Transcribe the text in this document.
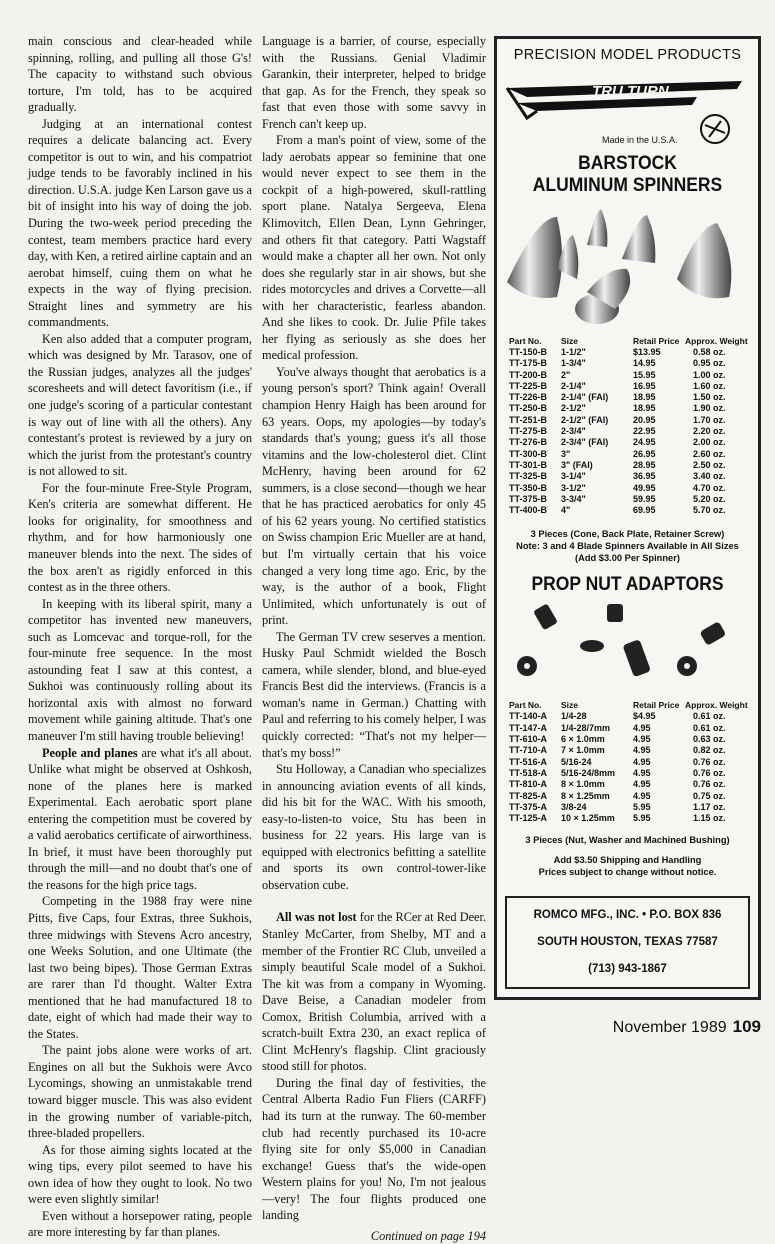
main conscious and clear-headed while spinning, rolling, and pulling all those G's! The capacity to withstand such obvious torture, I'm told, has to be acquired gradually.

Judging at an international contest requires a delicate balancing act. Every competitor is out to win, and his compatriot judge tends to be favorably inclined in his direction. U.S.A. judge Ken Larson gave us a bit of insight into his way of doing the job. During the two-week period preceding the contest, team members practice hard every day, with Ken, a retired airline captain and an aerobat himself, cuing them on what he expects in the way of flying precision. Straight lines and symmetry are his commandments.

Ken also added that a computer program, which was designed by Mr. Tarasov, one of the Russian judges, analyzes all the judges' scoresheets and will detect favoritism (i.e., if one judge's scoring of a particular contestant is way out of line with all the others). Any contestant's protest is reviewed by a jury on which the jurist from the protestant's country is not allowed to sit.

For the four-minute Free-Style Program, Ken's criteria are somewhat different. He looks for originality, for smoothness and rhythm, and for how harmoniously one maneuver blends into the next. The sides of the box aren't as rigidly enforced in this contest as in the three others.

In keeping with its liberal spirit, many a competitor has invented new maneuvers, such as Lomcevac and torque-roll, for the four-minute free sequence. In the most astounding feat I saw at this contest, a Sukhoi was continuously rolling about its horizontal axis with almost no forward movement while gaining altitude. That's one maneuver I'm still having trouble believing!

People and planes are what it's all about. Unlike what might be observed at Oshkosh, none of the planes here is marked Experimental. Each aerobatic sport plane entering the competition must be covered by a valid aerobatics certificate of airworthiness. In brief, it must have been thoroughly put through the mill—and no doubt that's one of the reasons for the high price tags.

Competing in the 1988 fray were nine Pitts, five Caps, four Extras, three Sukhois, three midwings with Stevens Acro ancestry, one Weeks Solution, and one Ultimate (the last two being bipes). Those German Extras are rarer than I'd thought. Walter Extra mentioned that he had manufactured 18 to date, eight of which had made their way to the States.

The paint jobs alone were works of art. Engines on all but the Sukhois were Avco Lycomings, showing an unmistakable trend toward bigger muscle. This was also evident in the growing number of variable-pitch, three-bladed propellers.

As for those aiming sights located at the wing tips, every pilot seemed to have his own idea of how they ought to look. No two were even slightly similar!

Even without a horsepower rating, people are more interesting by far than planes.

Language is a barrier, of course, especially with the Russians. Genial Vladimir Garankin, their interpreter, helped to bridge that gap. As for the French, they speak so fast that even those with some savvy in French can't keep up.

From a man's point of view, some of the lady aerobats appear so feminine that one would never expect to see them in the cockpit of a high-powered, skull-rattling sport plane. Natalya Sergeeva, Elena Klimovitch, Ellen Dean, Lynn Gehringer, and others fit that category. Patti Wagstaff would make a chapter all her own. Not only does she regularly star in air shows, but she rides motorcycles and drives a Corvette—all with her characteristic, fearless abandon. And she likes to cook. Dr. Julie Pfile takes her flying as seriously as she does her medical profession.

You've always thought that aerobatics is a young person's sport? Think again! Overall champion Henry Haigh has been around for 63 years. Oops, my apologies—by today's standards that's young; guess it's all those vitamins and the low-cholesterol diet. Clint McHenry, having been around for 62 summers, is a close second—though we hear that he has practiced aerobatics for only 45 of his 62 years young. No certified statistics on Swiss champion Eric Mueller are at hand, but I'm virtually certain that his voice changed a very long time ago. Eric, by the way, is the author of a book, Flight Unlimited, which unfortunately is out of print.

The German TV crew seserves a mention. Husky Paul Schmidt wielded the Bosch camera, while slender, blond, and blue-eyed Francis Best did the interviews. (Francis is a woman's name in German.) Chatting with Paul and referring to his comely helper, I was quickly corrected: “That's not my helper—that's my boss!”

Stu Holloway, a Canadian who specializes in announcing aviation events of all kinds, did his bit for the WAC. With his smooth, easy-to-listen-to voice, Stu has been in business for 22 years. His large van is equipped with electronics befitting a satellite and sports its own control-tower-like observation cube.

All was not lost for the RCer at Red Deer. Stanley McCarter, from Shelby, MT and a member of the Frontier RC Club, unveiled a simply beautiful Scale model of a Sukhoi. The kit was from a company in Wyoming. Dave Beise, a Canadian modeler from Comox, British Columbia, arrived with a scratch-built Extra 230, an exact replica of Clint McHenry's flagship. Clint graciously stood still for photos.

During the final day of festivities, the Central Alberta Radio Fun Fliers (CARFF) had its turn at the runway. The 60-member club had recently purchased its 10-acre flying site for only $5,000 in Canadian exchange! Guess that's the wide-open Western plains for you! No, I'm not jealous—very! The four flights produced one landing

Continued on page 194
PRECISION MODEL PRODUCTS
TRU TURN
Made in the U.S.A.
BARSTOCK
ALUMINUM SPINNERS
Part No.	Size	Retail Price	Approx. Weight
TT-150-B	1-1/2"	$13.95	0.58 oz.
TT-175-B	1-3/4"	14.95	0.95 oz.
TT-200-B	2"	15.95	1.00 oz.
TT-225-B	2-1/4"	16.95	1.60 oz.
TT-226-B	2-1/4" (FAI)	18.95	1.50 oz.
TT-250-B	2-1/2"	18.95	1.90 oz.
TT-251-B	2-1/2" (FAI)	20.95	1.70 oz.
TT-275-B	2-3/4"	22.95	2.20 oz.
TT-276-B	2-3/4" (FAI)	24.95	2.00 oz.
TT-300-B	3"	26.95	2.60 oz.
TT-301-B	3" (FAI)	28.95	2.50 oz.
TT-325-B	3-1/4"	36.95	3.40 oz.
TT-350-B	3-1/2"	49.95	4.70 oz.
TT-375-B	3-3/4"	59.95	5.20 oz.
TT-400-B	4"	69.95	5.70 oz.
3 Pieces (Cone, Back Plate, Retainer Screw)
Note: 3 and 4 Blade Spinners Available in All Sizes (Add $3.00 Per Spinner)
PROP NUT ADAPTORS
Part No.	Size	Retail Price	Approx. Weight
TT-140-A	1/4-28	$4.95	0.61 oz.
TT-147-A	1/4-28/7mm	4.95	0.61 oz.
TT-610-A	6 × 1.0mm	4.95	0.63 oz.
TT-710-A	7 × 1.0mm	4.95	0.82 oz.
TT-516-A	5/16-24	4.95	0.76 oz.
TT-518-A	5/16-24/8mm	4.95	0.76 oz.
TT-810-A	8 × 1.0mm	4.95	0.76 oz.
TT-825-A	8 × 1.25mm	4.95	0.75 oz.
TT-375-A	3/8-24	5.95	1.17 oz.
TT-125-A	10 × 1.25mm	5.95	1.15 oz.
3 Pieces (Nut, Washer and Machined Bushing)
Add $3.50 Shipping and Handling
Prices subject to change without notice.
ROMCO MFG., INC. • P.O. BOX 836
SOUTH HOUSTON, TEXAS 77587
(713) 943-1867
November 1989 109
